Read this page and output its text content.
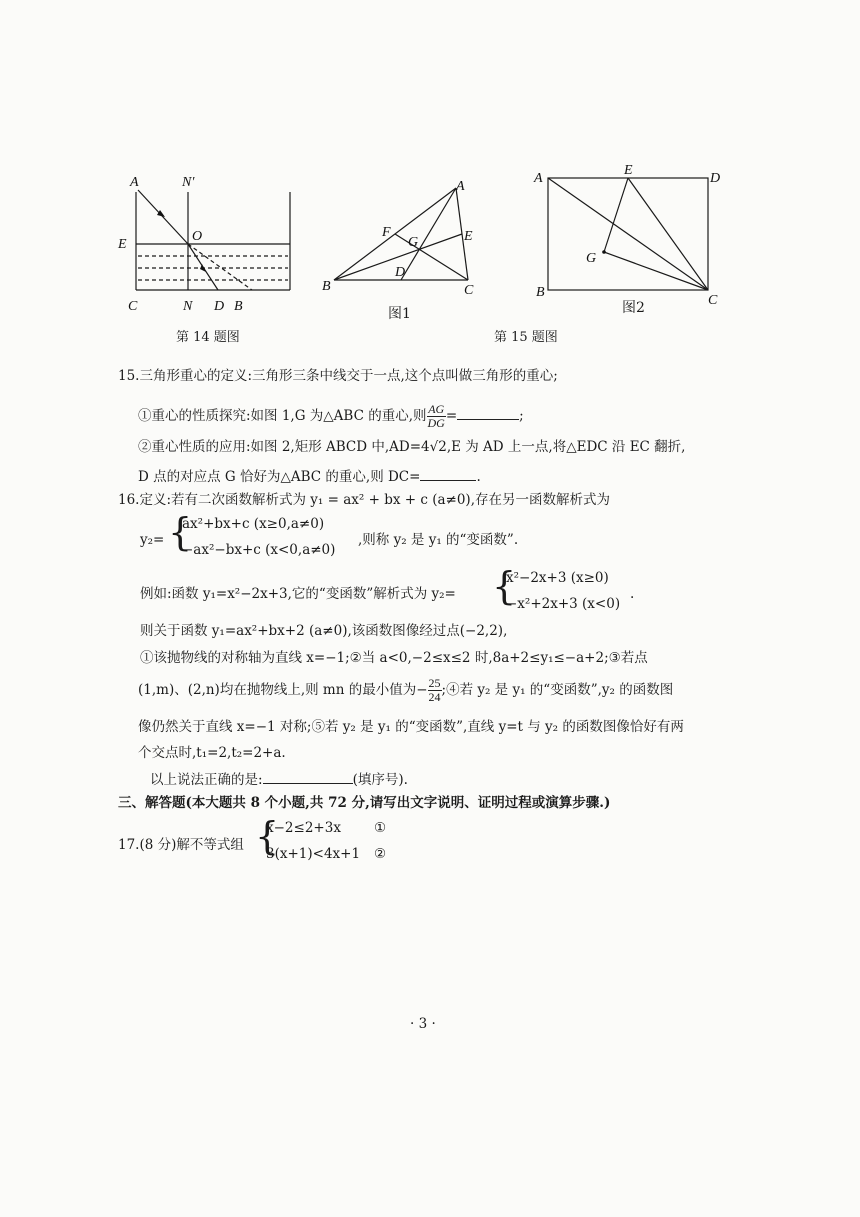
A	N′
E
O
C	N D B
第 14 题图
A
F
G	E
B
D
C
图1
A
E
D
G
B
C
图2
第 15 题图
15.三角形重心的定义:三角形三条中线交于一点,这个点叫做三角形的重心;
①重心的性质探究:如图 1,G 为△ABC 的重心,则 $\frac{AG}{DG}$ =	;
②重心性质的应用:如图 2,矩形 ABCD 中,AD=4√2,E 为 AD 上一点,将△EDC 沿 EC 翻折,
D 点的对应点 G 恰好为△ABC 的重心,则 DC=	.
16.定义:若有二次函数解析式为 y₁ = ax² + bx + c (a≠0),存在另一函数解析式为
y₂= {
ax²+bx+c (x≥0,a≠0)
−ax²−bx+c (x<0,a≠0)
,则称 y₂ 是 y₁ 的“变函数”.
例如:函数 y₁=x²−2x+3,它的“变函数”解析式为 y₂= {
x²−2x+3 (x≥0)
−x²+2x+3 (x<0)
.
则关于函数 y₁=ax²+bx+2 (a≠0),该函数图像经过点(−2,2),
①该抛物线的对称轴为直线 x=−1;②当 a<0,−2≤x≤2 时,8a+2≤y₁≤−a+2;③若点
(1,m)、(2,n)均在抛物线上,则 mn 的最小值为− $\frac{25}{24}$ ;④若 y₂ 是 y₁ 的“变函数”,y₂ 的函数图
像仍然关于直线 x=−1 对称;⑤若 y₂ 是 y₁ 的“变函数”,直线 y=t 与 y₂ 的函数图像恰好有两
个交点时,t₁=2,t₂=2+a.
以上说法正确的是:	(填序号).
三、解答题(本大题共 8 个小题,共 72 分,请写出文字说明、证明过程或演算步骤.)
17.(8 分)解不等式组 {
x−2≤2+3x ①
3(x+1)<4x+1 ②
· 3 ·
